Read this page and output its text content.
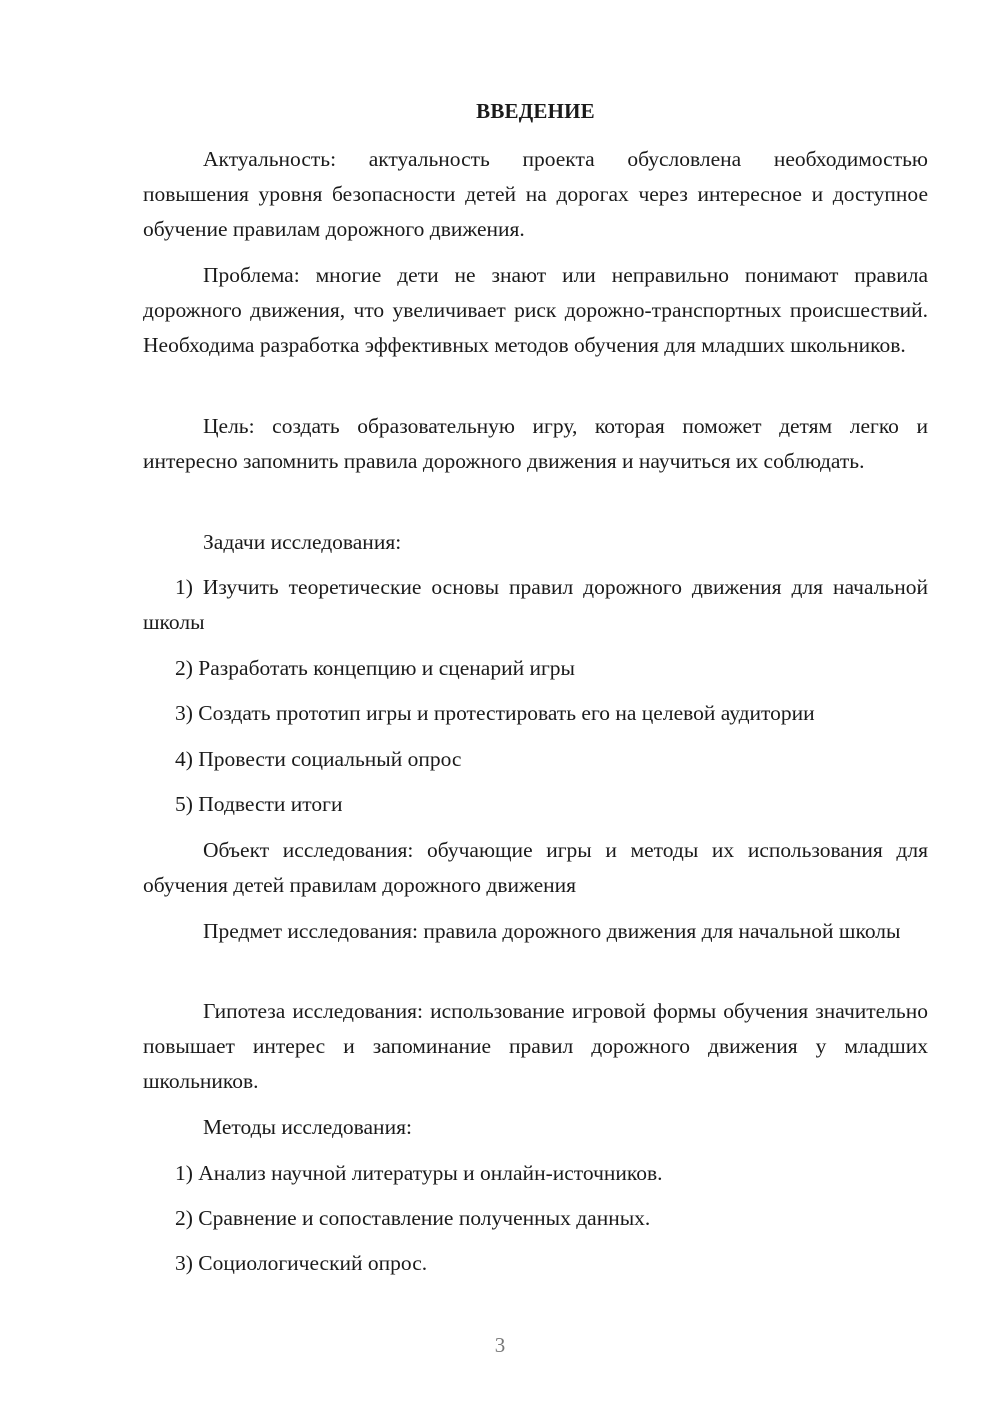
ВВЕДЕНИЕ

Актуальность: актуальность проекта обусловлена необходимостью повышения уровня безопасности детей на дорогах через интересное и доступное обучение правилам дорожного движения.

Проблема: многие дети не знают или неправильно понимают правила дорожного движения, что увеличивает риск дорожно-транспортных происшествий. Необходима разработка эффективных методов обучения для младших школьников.

Цель: создать образовательную игру, которая поможет детям легко и интересно запомнить правила дорожного движения и научиться их соблюдать.

Задачи исследования:

1) Изучить теоретические основы правил дорожного движения для начальной школы

2) Разработать концепцию и сценарий игры

3) Создать прототип игры и протестировать его на целевой аудитории

4) Провести социальный опрос

5) Подвести итоги

Объект исследования: обучающие игры и методы их использования для обучения детей правилам дорожного движения

Предмет исследования: правила дорожного движения для начальной школы

Гипотеза исследования: использование игровой формы обучения значительно повышает интерес и запоминание правил дорожного движения у младших школьников.

Методы исследования:

1) Анализ научной литературы и онлайн-источников.

2) Сравнение и сопоставление полученных данных.

3) Социологический опрос.

3
